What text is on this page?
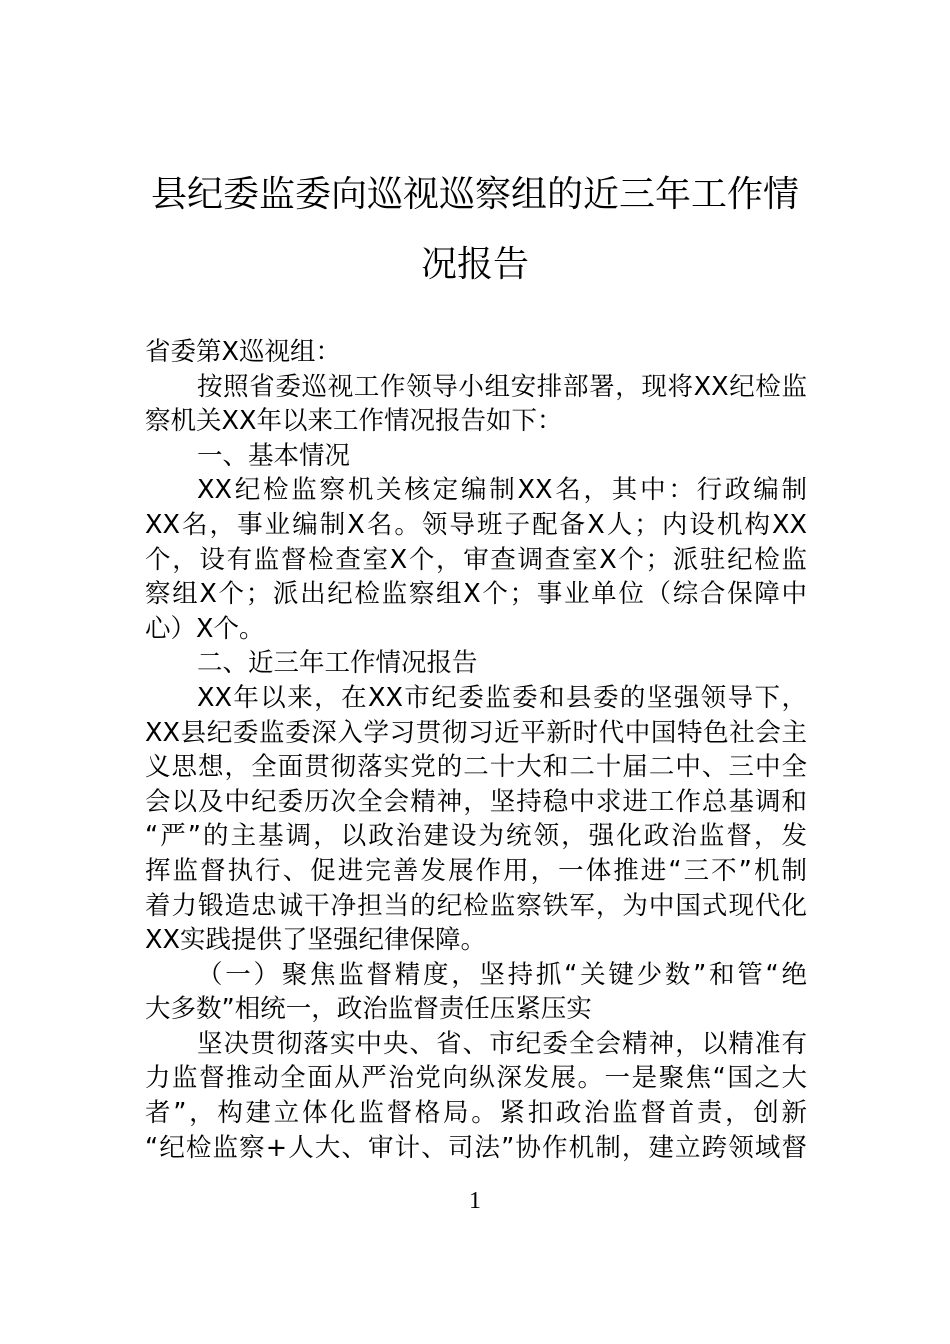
县纪委监委向巡视巡察组的近三年工作情
况报告
省委第X巡视组：
按照省委巡视工作领导小组安排部署，现将XX纪检监
察机关XX年以来工作情况报告如下：
一、基本情况
XX纪检监察机关核定编制XX名，其中：行政编制
XX名，事业编制X名。领导班子配备X人；内设机构XX
个，设有监督检查室X个，审查调查室X个；派驻纪检监
察组X个；派出纪检监察组X个；事业单位（综合保障中
心）X个。
二、近三年工作情况报告
XX年以来，在XX市纪委监委和县委的坚强领导下，
XX县纪委监委深入学习贯彻习近平新时代中国特色社会主
义思想，全面贯彻落实党的二十大和二十届二中、三中全
会以及中纪委历次全会精神，坚持稳中求进工作总基调和
“严”的主基调，以政治建设为统领，强化政治监督，发
挥监督执行、促进完善发展作用，一体推进“三不”机制
着力锻造忠诚干净担当的纪检监察铁军，为中国式现代化
XX实践提供了坚强纪律保障。
（一）聚焦监督精度，坚持抓“关键少数”和管“绝
大多数”相统一，政治监督责任压紧压实
坚决贯彻落实中央、省、市纪委全会精神，以精准有
力监督推动全面从严治党向纵深发展。一是聚焦“国之大
者”，构建立体化监督格局。紧扣政治监督首责，创新
“纪检监察+人大、审计、司法”协作机制，建立跨领域督
1
